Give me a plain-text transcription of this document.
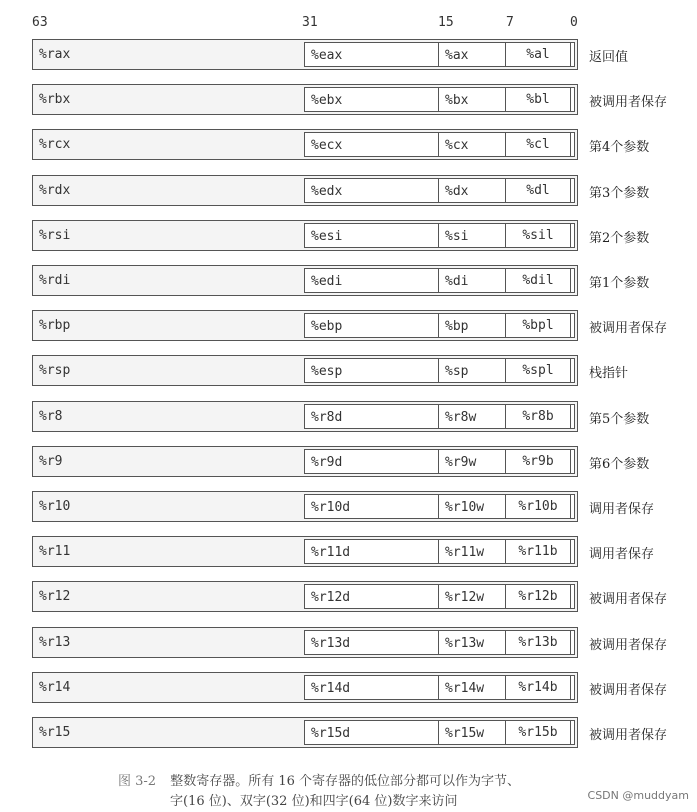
63	31	15	7	0
%rax	%eax	%ax	%al	返回值
%rbx	%ebx	%bx	%bl	被调用者保存
%rcx	%ecx	%cx	%cl	第4个参数
%rdx	%edx	%dx	%dl	第3个参数
%rsi	%esi	%si	%sil	第2个参数
%rdi	%edi	%di	%dil	第1个参数
%rbp	%ebp	%bp	%bpl	被调用者保存
%rsp	%esp	%sp	%spl	栈指针
%r8	%r8d	%r8w	%r8b	第5个参数
%r9	%r9d	%r9w	%r9b	第6个参数
%r10	%r10d	%r10w	%r10b	调用者保存
%r11	%r11d	%r11w	%r11b	调用者保存
%r12	%r12d	%r12w	%r12b	被调用者保存
%r13	%r13d	%r13w	%r13b	被调用者保存
%r14	%r14d	%r14w	%r14b	被调用者保存
%r15	%r15d	%r15w	%r15b	被调用者保存
图 3-2 整数寄存器。所有 16 个寄存器的低位部分都可以作为字节、
字(16 位)、双字(32 位)和四字(64 位)数字来访问	CSDN @muddyam
